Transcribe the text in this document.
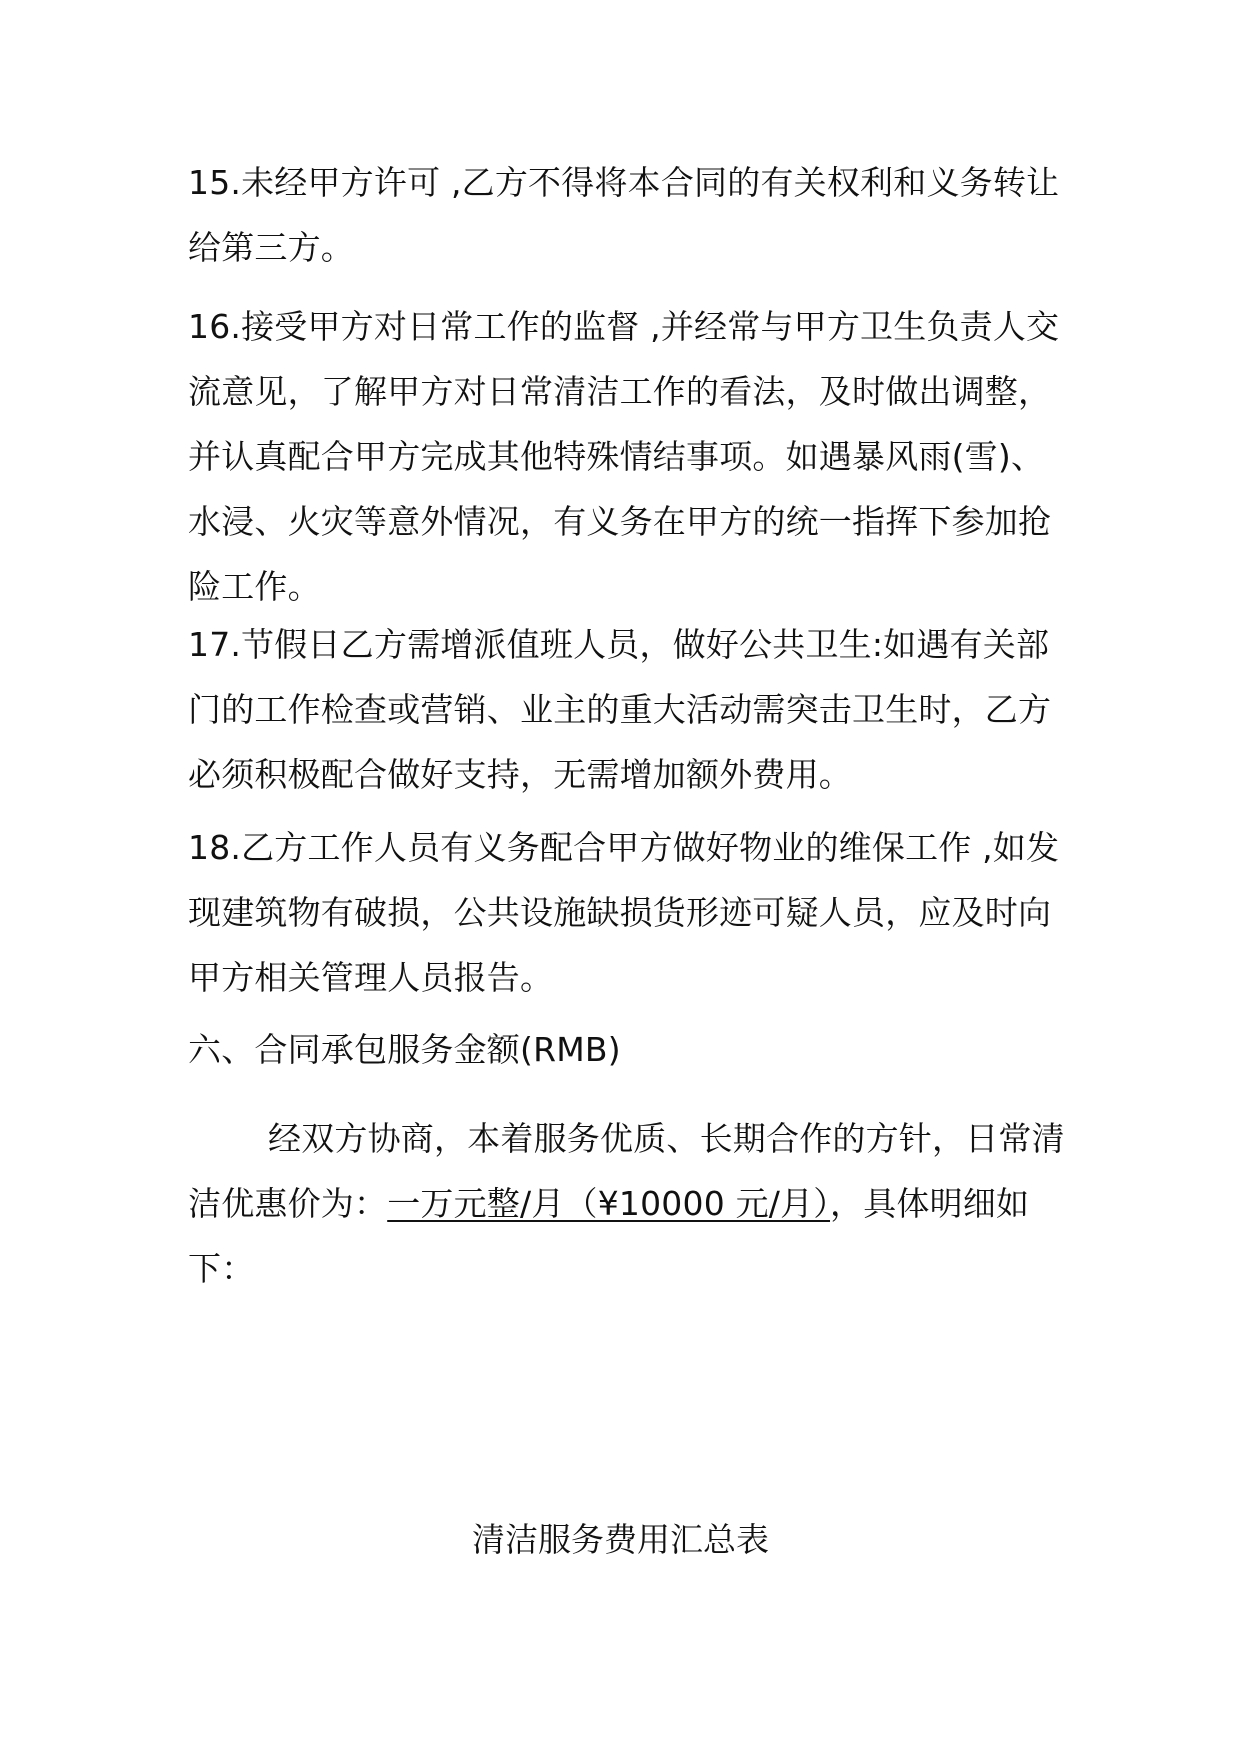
15.未经甲方许可 ,乙方不得将本合同的有关权利和义务转让给第三方。

16.接受甲方对日常工作的监督 ,并经常与甲方卫生负责人交流意见，了解甲方对日常清洁工作的看法，及时做出调整，并认真配合甲方完成其他特殊情结事项。如遇暴风雨(雪)、水浸、火灾等意外情况，有义务在甲方的统一指挥下参加抢险工作。

17.节假日乙方需增派值班人员，做好公共卫生:如遇有关部门的工作检查或营销、业主的重大活动需突击卫生时，乙方必须积极配合做好支持，无需增加额外费用。

18.乙方工作人员有义务配合甲方做好物业的维保工作 ,如发现建筑物有破损，公共设施缺损货形迹可疑人员，应及时向甲方相关管理人员报告。

六、合同承包服务金额(RMB)

经双方协商，本着服务优质、长期合作的方针，日常清洁优惠价为：一万元整/月（¥10000 元/月），具体明细如下：

清洁服务费用汇总表
